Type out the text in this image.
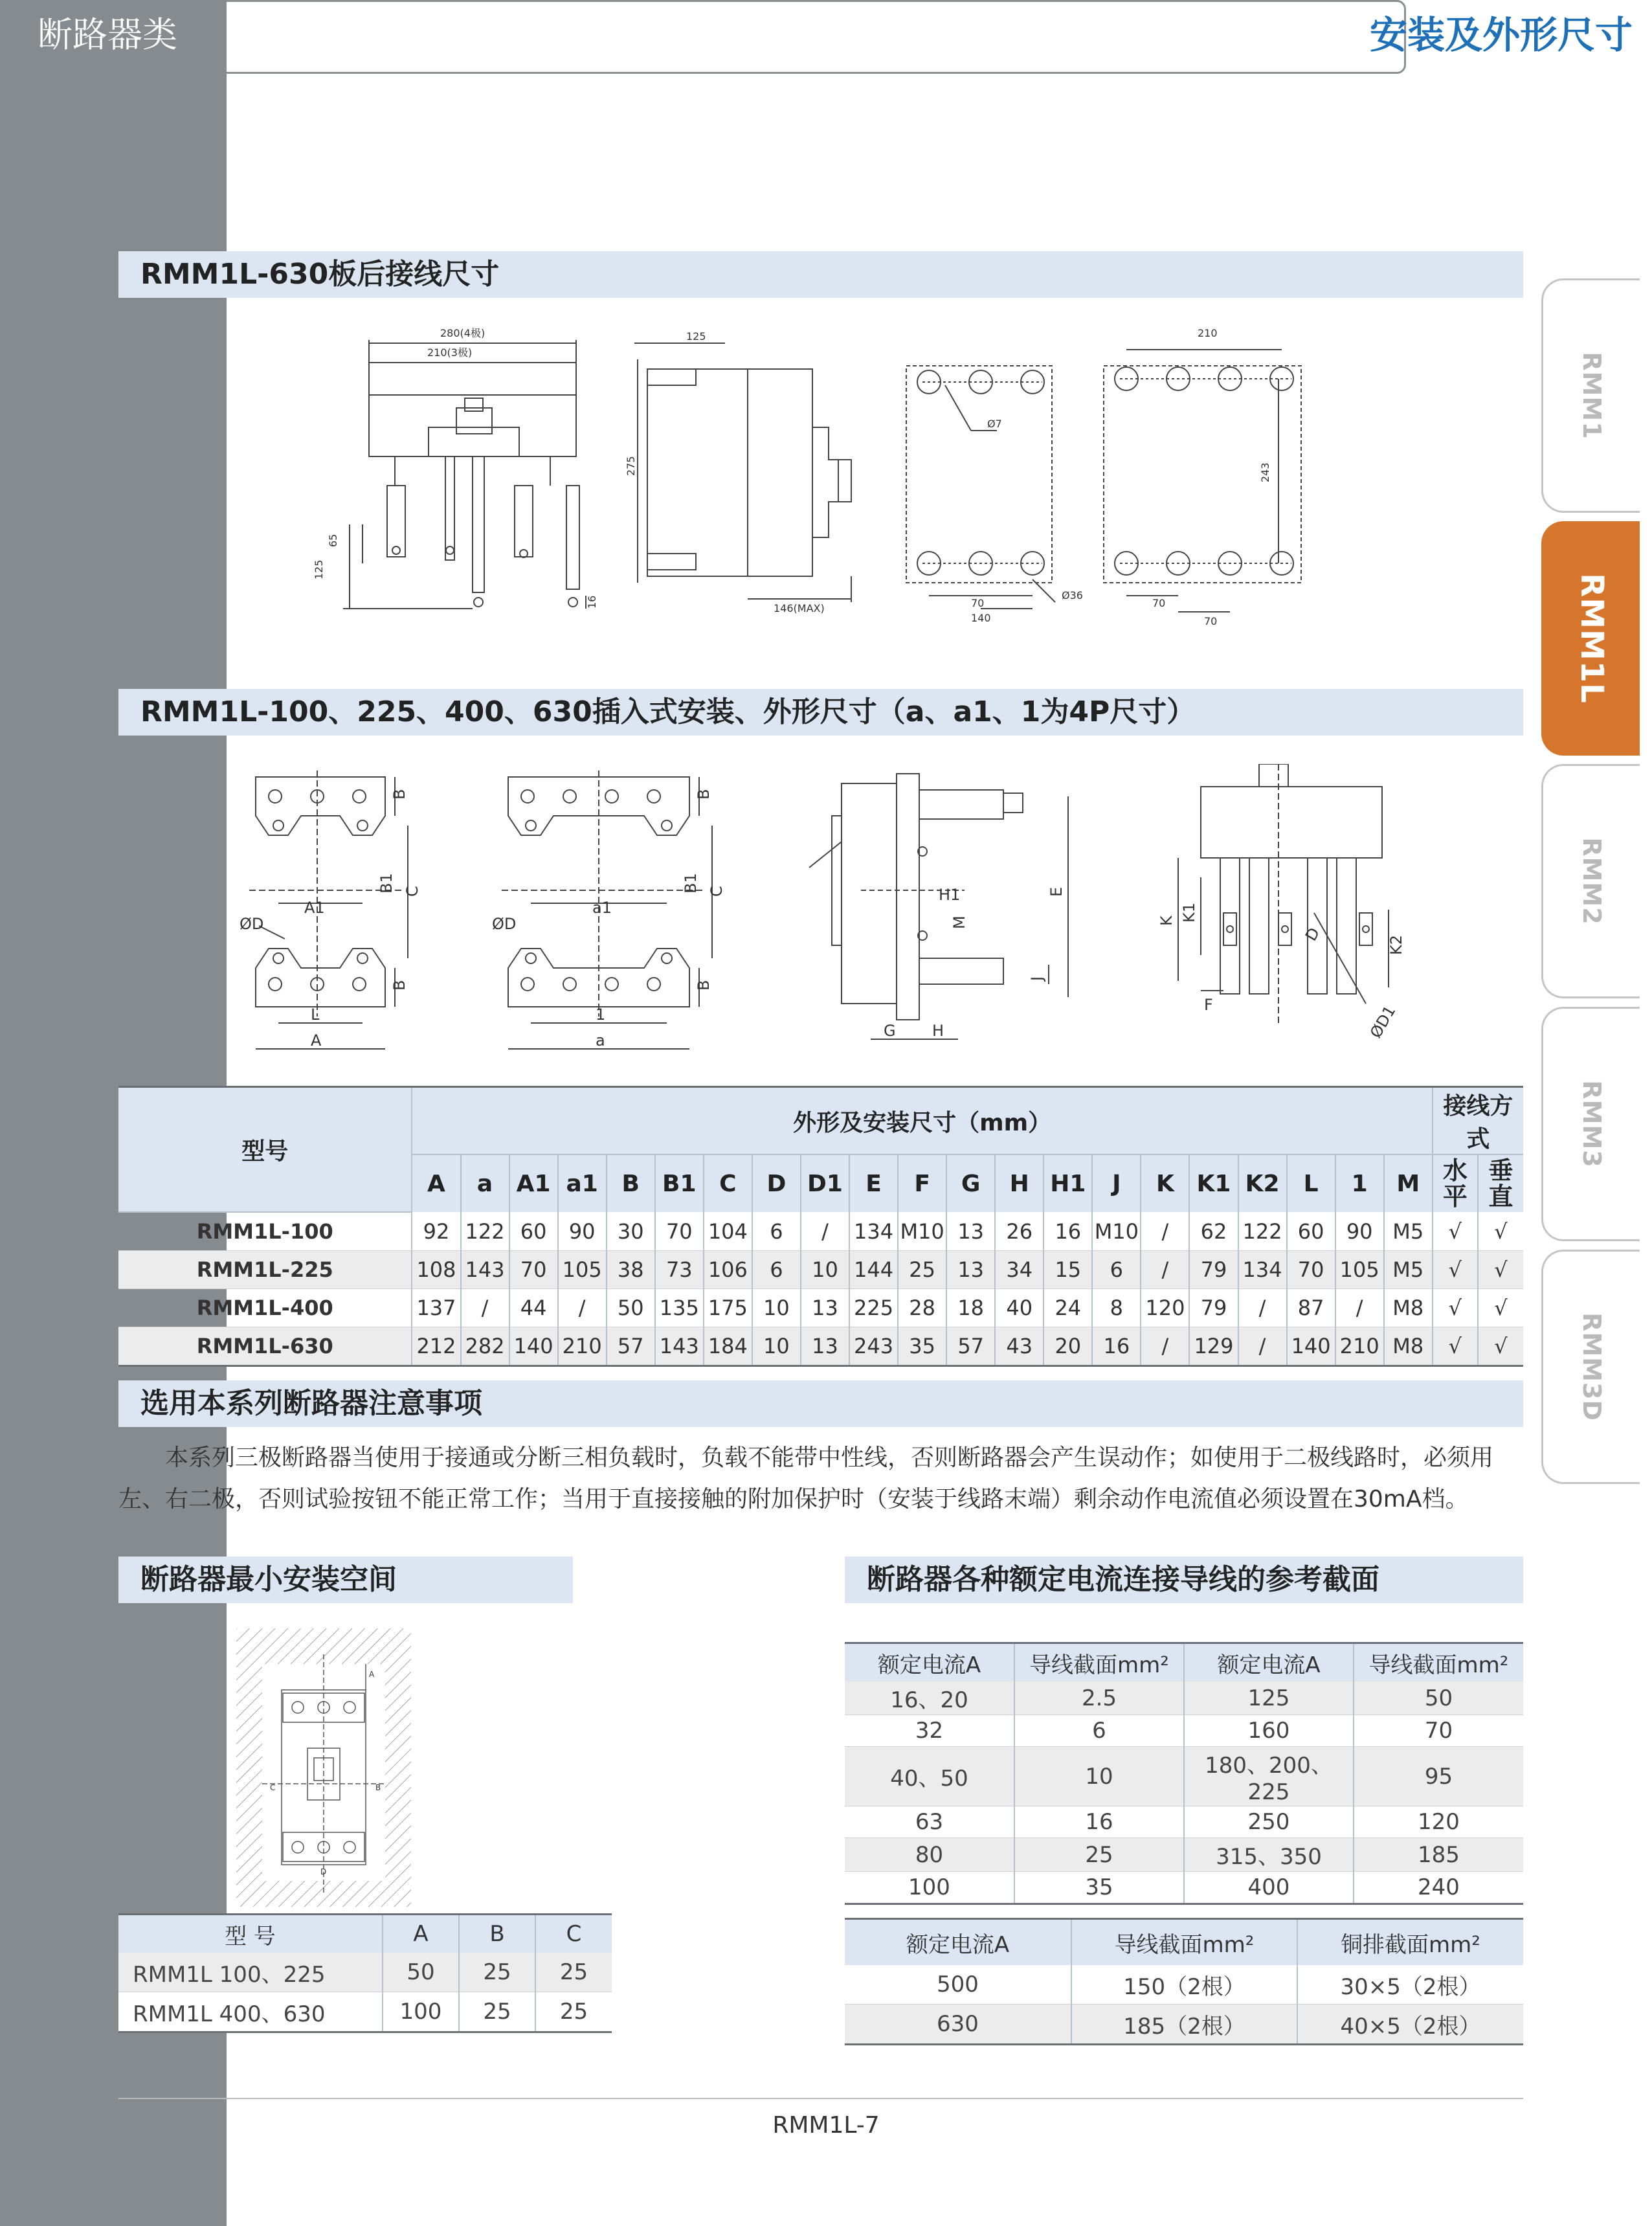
断路器类	安装及外形尺寸
RMM1
RMM1L
RMM2
RMM3
RMM3D
RMM1L-630板后接线尺寸
280(4极)
210(3极)
65
125
16
125
275
146(MAX)
Ø7
Ø36
70
140
210
243
70
70
RMM1L-100、225、400、630插入式安装、外形尺寸（a、a1、1为4P尺寸）
B
B1 C
A1
ØD
L
A
B
B
B1 C
a1
ØD
1
a
B
H1
M
E
J
G H
K K1
K2
F
D
ØD1
型号	外形及安装尺寸（mm）																					接线方式	
	A	a	A1	a1	B	B1	C	D	D1	E	F	G	H	H1	J	K	K1	K2	L	1	M	水平	垂直
RMM1L-100	92	122	60	90	30	70	104	6	/	134	M10	13	26	16	M10	/	62	122	60	90	M5	√	√
RMM1L-225	108	143	70	105	38	73	106	6	10	144	25	13	34	15	6	/	79	134	70	105	M5	√	√
RMM1L-400	137	/	44	/	50	135	175	10	13	225	28	18	40	24	8	120	79	/	87	/	M8	√	√
RMM1L-630	212	282	140	210	57	143	184	10	13	243	35	57	43	20	16	/	129	/	140	210	M8	√	√
选用本系列断路器注意事项
本系列三极断路器当使用于接通或分断三相负载时，负载不能带中性线，否则断路器会产生误动作；如使用于二极线路时，必须用左、右二极，否则试验按钮不能正常工作；当用于直接接触的附加保护时（安装于线路末端）剩余动作电流值必须设置在30mA档。
断路器最小安装空间
A
B
C
D
型 号	A	B	C
RMM1L 100、225	50	25	25
RMM1L 400、630	100	25	25
断路器各种额定电流连接导线的参考截面
额定电流A	导线截面mm²	额定电流A	导线截面mm²
16、20	2.5	125	50
32	6	160	70
40、50	10	180、200、225	95
63	16	250	120
80	25	315、350	185
100	35	400	240
额定电流A	导线截面mm²	铜排截面mm²
500	150（2根）	30×5（2根）
630	185（2根）	40×5（2根）
RMM1L-7
